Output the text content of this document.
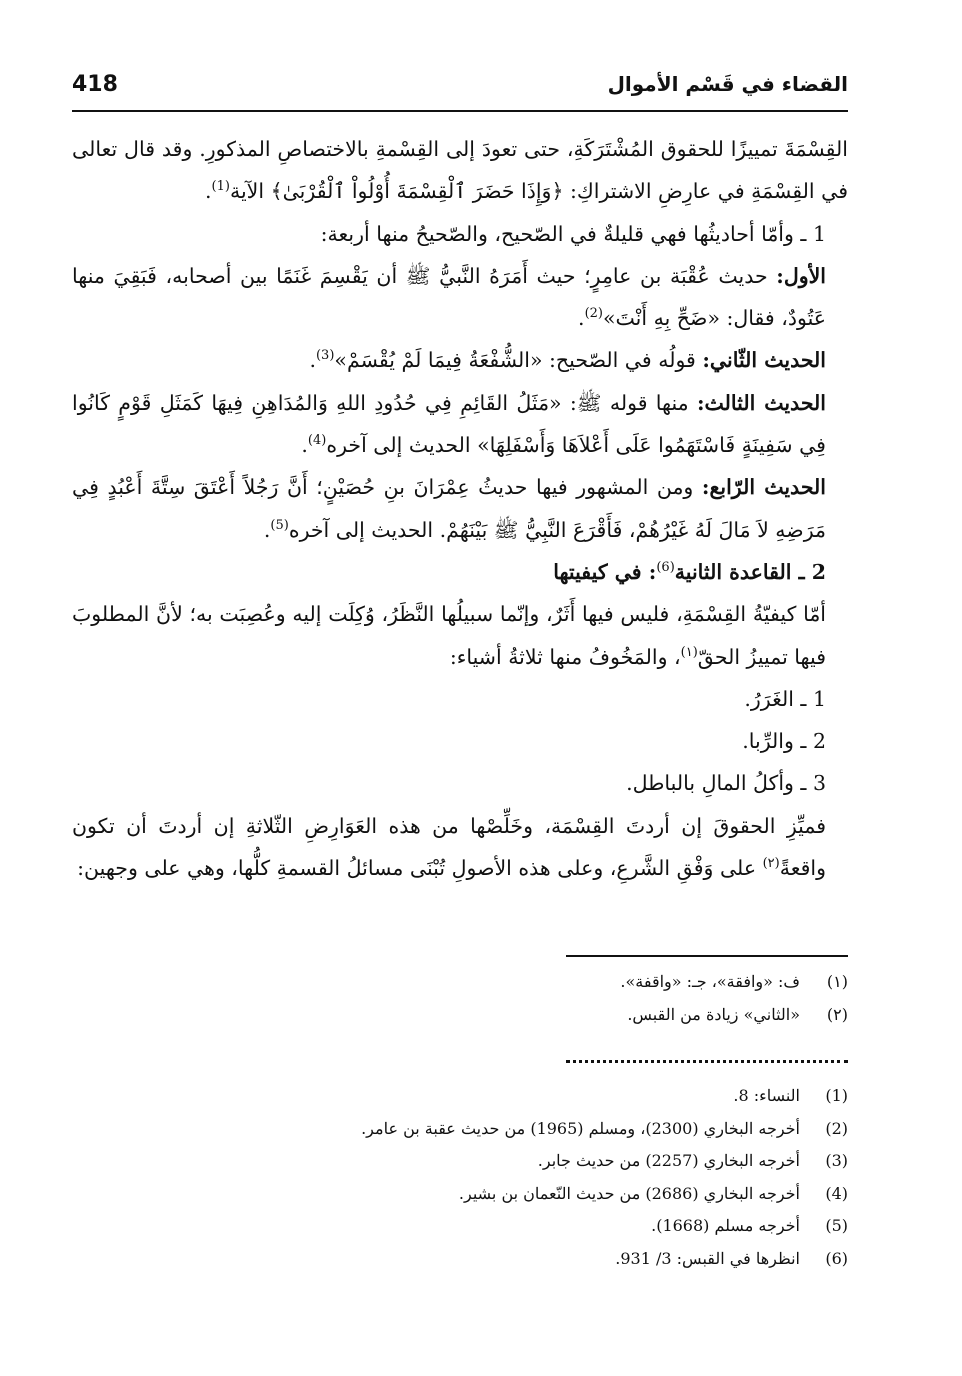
418	القضاء في قَسْم الأموال

القِسْمَةَ تمييزًا للحقوق المُشْتَرَكَةِ، حتى تعودَ إلى القِسْمةِ بالاختصاصِ المذكورِ. وقد قال تعالى في القِسْمَةِ في عارِضِ الاشتراكِ: ﴿وَإِذَا حَضَرَ ٱلْقِسْمَةَ أُوْلُواْ ٱلْقُرْبَىٰ﴾ الآية$^{(1)}$.

1 ـ وأمّا أحاديثُها فهي قليلةٌ في الصّحيح، والصّحيحُ منها أربعة:

الأول: حديث عُقْبَة بن عامِرٍ؛ حيث أَمَرَهُ النَّبيُّ ﷺ أن يَقْسِمَ غَنَمًا بين أصحابه، فَبَقِيَ منها عَتُودٌ، فقال: «ضَحِّ بِهِ أَنْتَ»$^{(2)}$.

الحديث الثّاني: قولُه في الصّحيح: «الشُّفْعَةُ فِيمَا لَمْ يُقْسَمْ»$^{(3)}$.

الحديث الثالث: منها قوله ﷺ: «مَثَلُ القَائِمِ فِي حُدُودِ اللهِ وَالمُدَاهِنِ فِيهَا كَمَثَلِ قَوْمٍ كَانُوا فِي سَفِينَةٍ فَاسْتَهَمُوا عَلَى أَعْلاَهَا وَأَسْفَلِهَا» الحديث إلى آخره$^{(4)}$.

الحديث الرّابع: ومن المشهور فيها حديثُ عِمْرَانَ بنِ حُصَيْنٍ؛ أَنَّ رَجُلاً أَعْتَقَ سِتَّةَ أَعْبُدٍ فِي مَرَضِهِ لاَ مَالَ لَهُ غَيْرُهُمْ، فَأَقْرَعَ النَّبِيُّ ﷺ بَيْنَهُمْ. الحديث إلى آخره$^{(5)}$.

2 ـ القاعدة الثانية$^{(6)}$: في كيفيتها

أمّا كيفيّةُ القِسْمَةِ، فليس فيها أَثَرٌ، وإنّما سبيلُها النَّظَرُ، وُكِلَت إليه وعُصِبَت به؛ لأنَّ المطلوبَ فيها تمييزُ الحقّ$^{(١)}$، والمَخُوفُ منها ثلاثةُ أشياء:

1 ـ الغَرَرُ.

2 ـ والرِّبا.

3 ـ وأكلُ المالِ بالباطل.

فميِّزِ الحقوقَ إن أردتَ القِسْمَة، وخَلِّصْها من هذه العَوَارِضِ الثّلاثةِ إن أردتَ أن تكون واقعةً$^{(٢)}$ على وَفْقِ الشَّرعِ، وعلى هذه الأصولِ تُبْنَى مسائلُ القسمةِ كلُّها، وهي على وجهين:

(١)ف: «وافقة»، جـ: «واقفة».
(٢)«الثاني» زيادة من القبس.
(1)النساء: 8.
(2)أخرجه البخاري (2300)، ومسلم (1965) من حديث عقبة بن عامر.
(3)أخرجه البخاري (2257) من حديث جابر.
(4)أخرجه البخاري (2686) من حديث النّعمان بن بشير.
(5)أخرجه مسلم (1668).
(6)انظرها في القبس: 3/ 931.
